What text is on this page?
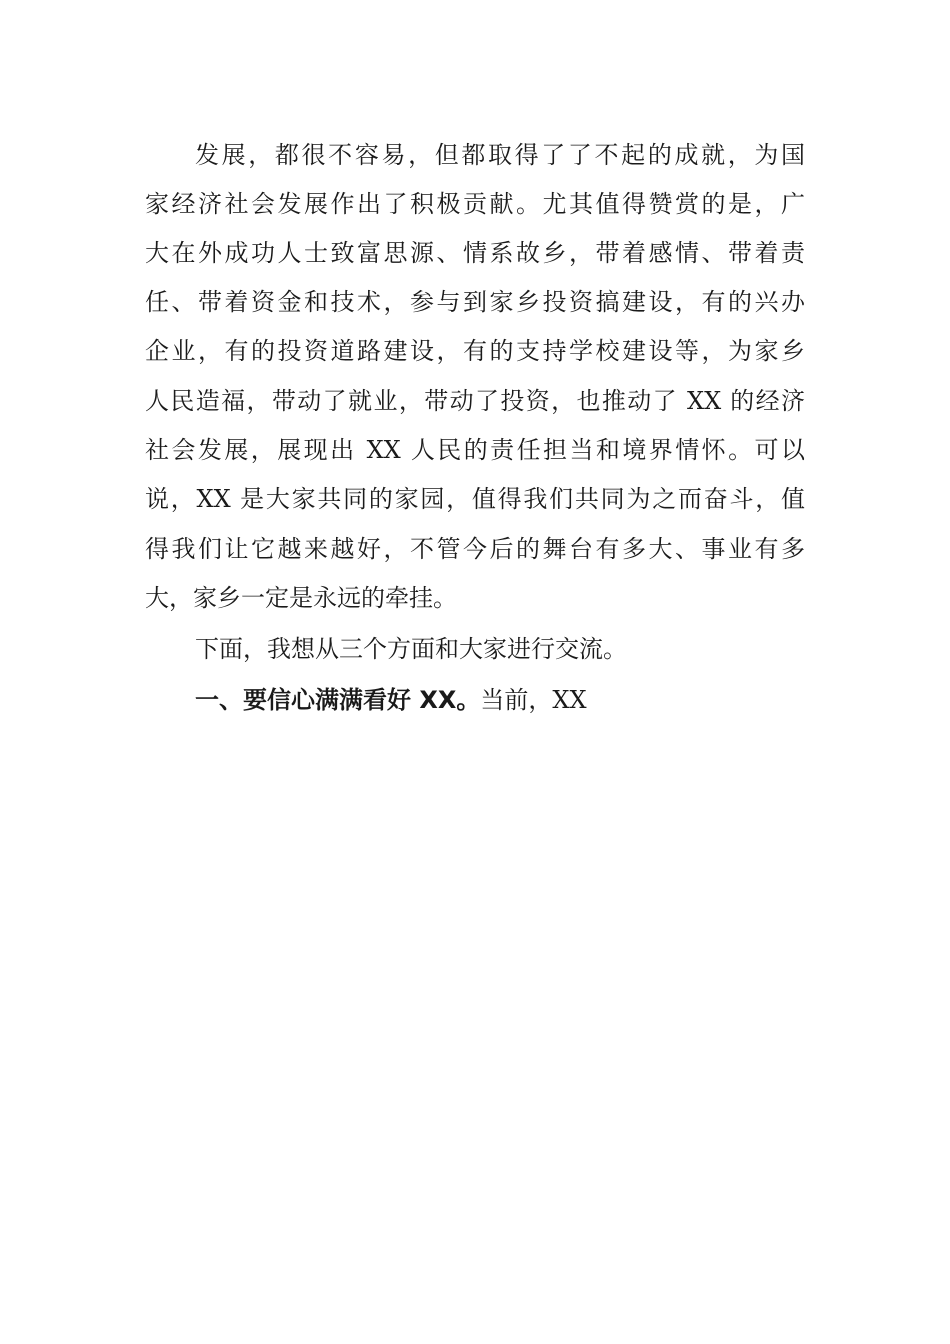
发展，都很不容易，但都取得了了不起的成就，为国
家经济社会发展作出了积极贡献。尤其值得赞赏的是，广
大在外成功人士致富思源、情系故乡，带着感情、带着责
任、带着资金和技术，参与到家乡投资搞建设，有的兴办
企业，有的投资道路建设，有的支持学校建设等，为家乡
人民造福，带动了就业，带动了投资，也推动了 XX 的经济
社会发展，展现出 XX 人民的责任担当和境界情怀。可以
说，XX 是大家共同的家园，值得我们共同为之而奋斗，值
得我们让它越来越好，不管今后的舞台有多大、事业有多
大，家乡一定是永远的牵挂。
下面，我想从三个方面和大家进行交流。
一、要信心满满看好 XX。当前，XX
